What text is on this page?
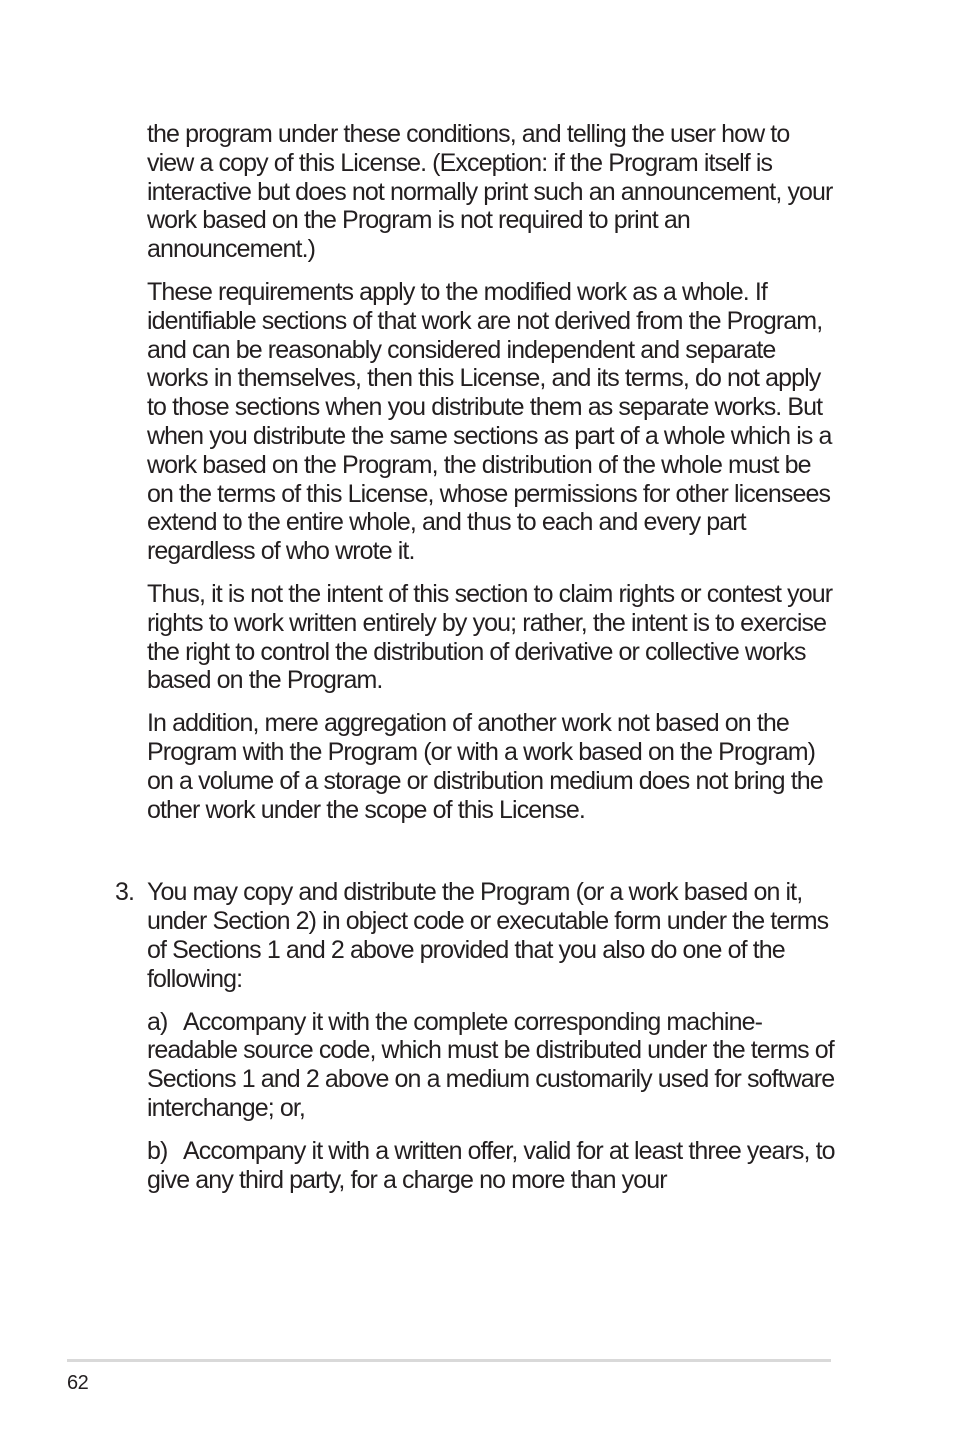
the program under these conditions, and telling the user how to view a copy of this License. (Exception: if the Program itself is interactive but does not normally print such an announcement, your work based on the Program is not required to print an announcement.)

These requirements apply to the modified work as a whole. If identifiable sections of that work are not derived from the Program, and can be reasonably considered independent and separate works in themselves, then this License, and its terms, do not apply to those sections when you distribute them as separate works. But when you distribute the same sections as part of a whole which is a work based on the Program, the distribution of the whole must be on the terms of this License, whose permissions for other licensees extend to the entire whole, and thus to each and every part regardless of who wrote it.

Thus, it is not the intent of this section to claim rights or contest your rights to work written entirely by you; rather, the intent is to exercise the right to control the distribution of derivative or collective works based on the Program.

In addition, mere aggregation of another work not based on the Program with the Program (or with a work based on the Program) on a volume of a storage or distribution medium does not bring the other work under the scope of this License.

3. You may copy and distribute the Program (or a work based on it, under Section 2) in object code or executable form under the terms of Sections 1 and 2 above provided that you also do one of the following:

a) Accompany it with the complete corresponding machine-readable source code, which must be distributed under the terms of Sections 1 and 2 above on a medium customarily used for software interchange; or,

b) Accompany it with a written offer, valid for at least three years, to give any third party, for a charge no more than your

62
